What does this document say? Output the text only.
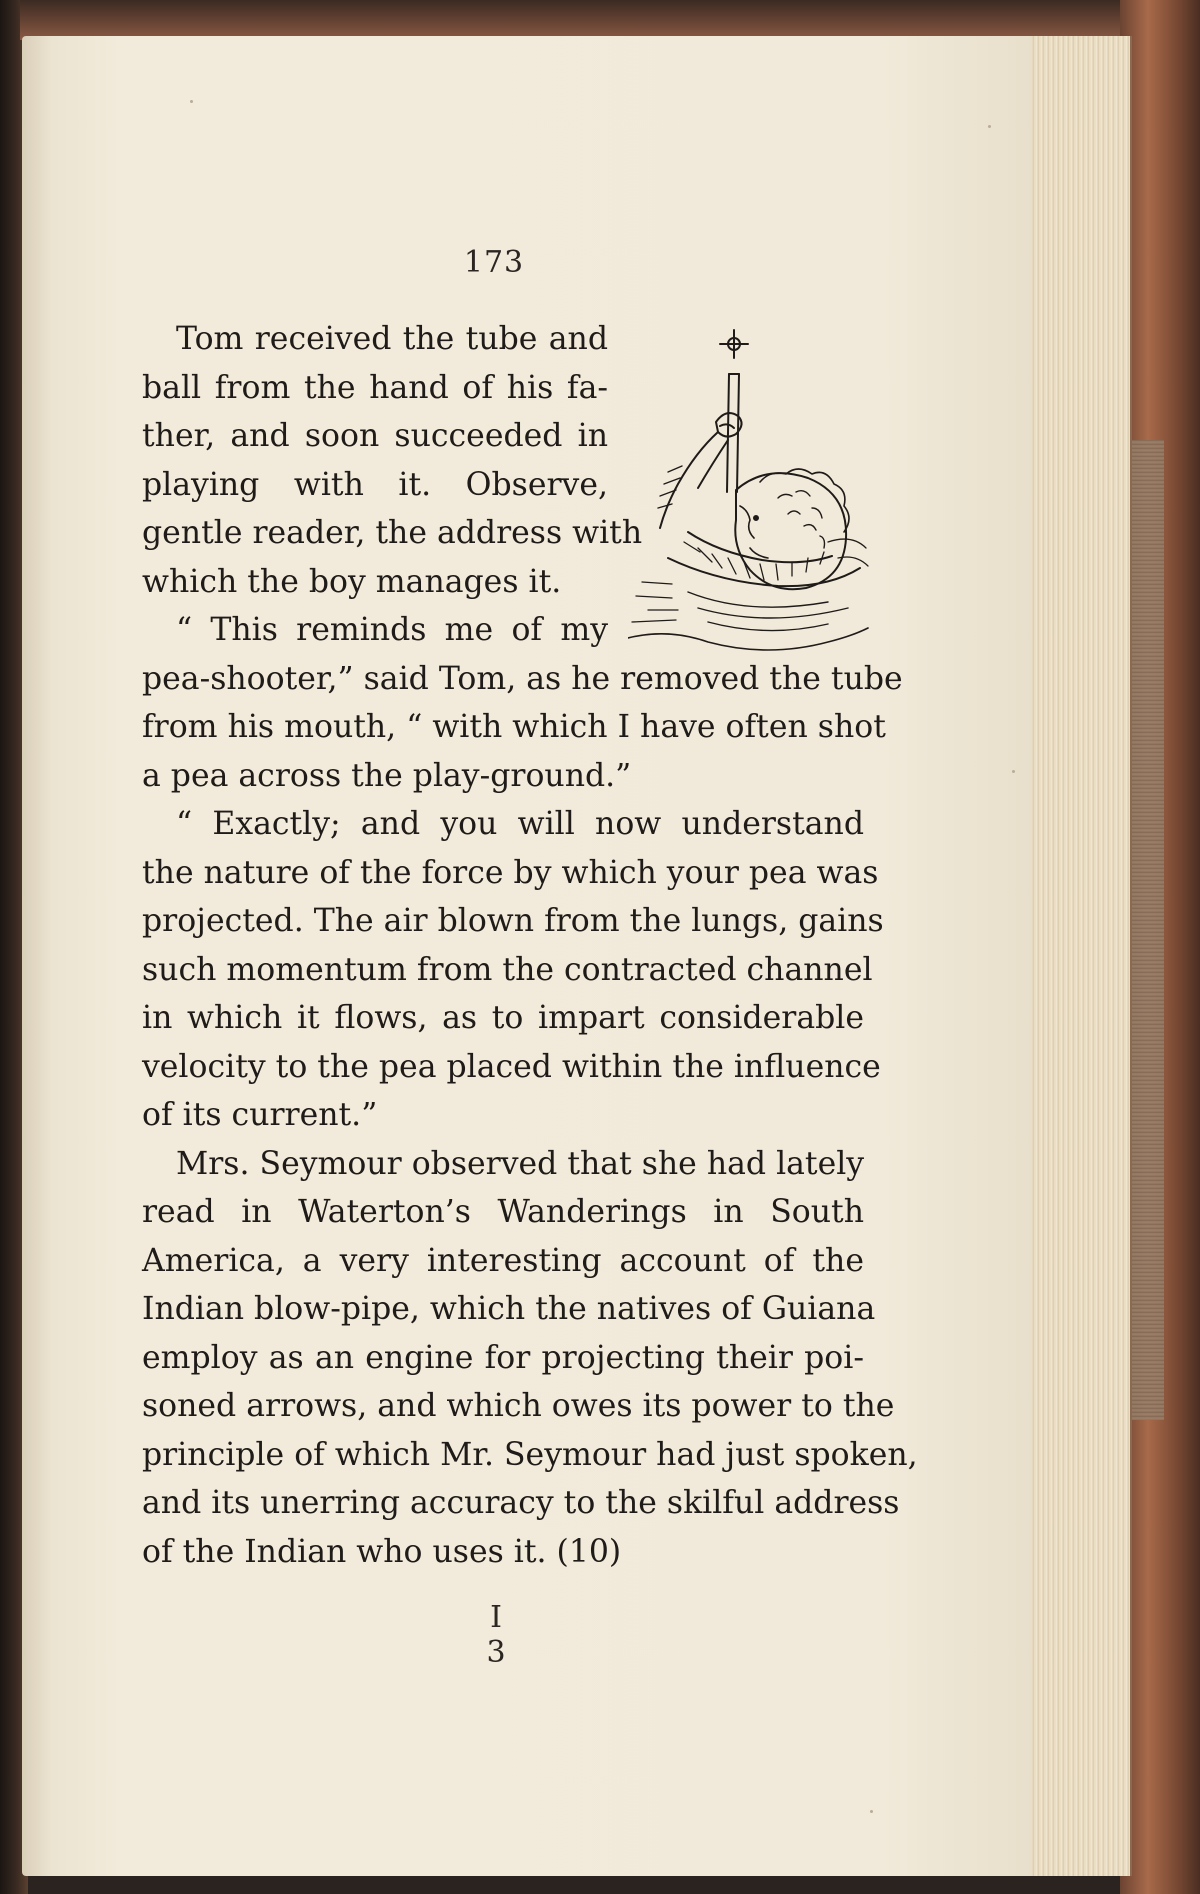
173
Tom received the tube and
ball from the hand of his fa-
ther, and soon succeeded in
playing with it. Observe,
gentle reader, the address with
which the boy manages it.
“ This reminds me of my
pea-shooter,” said Tom, as he removed the tube
from his mouth, “ with which I have often shot
a pea across the play-ground.”
“ Exactly; and you will now understand
the nature of the force by which your pea was
projected. The air blown from the lungs, gains
such momentum from the contracted channel
in which it flows, as to impart considerable
velocity to the pea placed within the influence
of its current.”
Mrs. Seymour observed that she had lately
read in Waterton’s Wanderings in South
America, a very interesting account of the
Indian blow-pipe, which the natives of Guiana
employ as an engine for projecting their poi-
soned arrows, and which owes its power to the
principle of which Mr. Seymour had just spoken,
and its unerring accuracy to the skilful address
of the Indian who uses it. (10)
I 3
